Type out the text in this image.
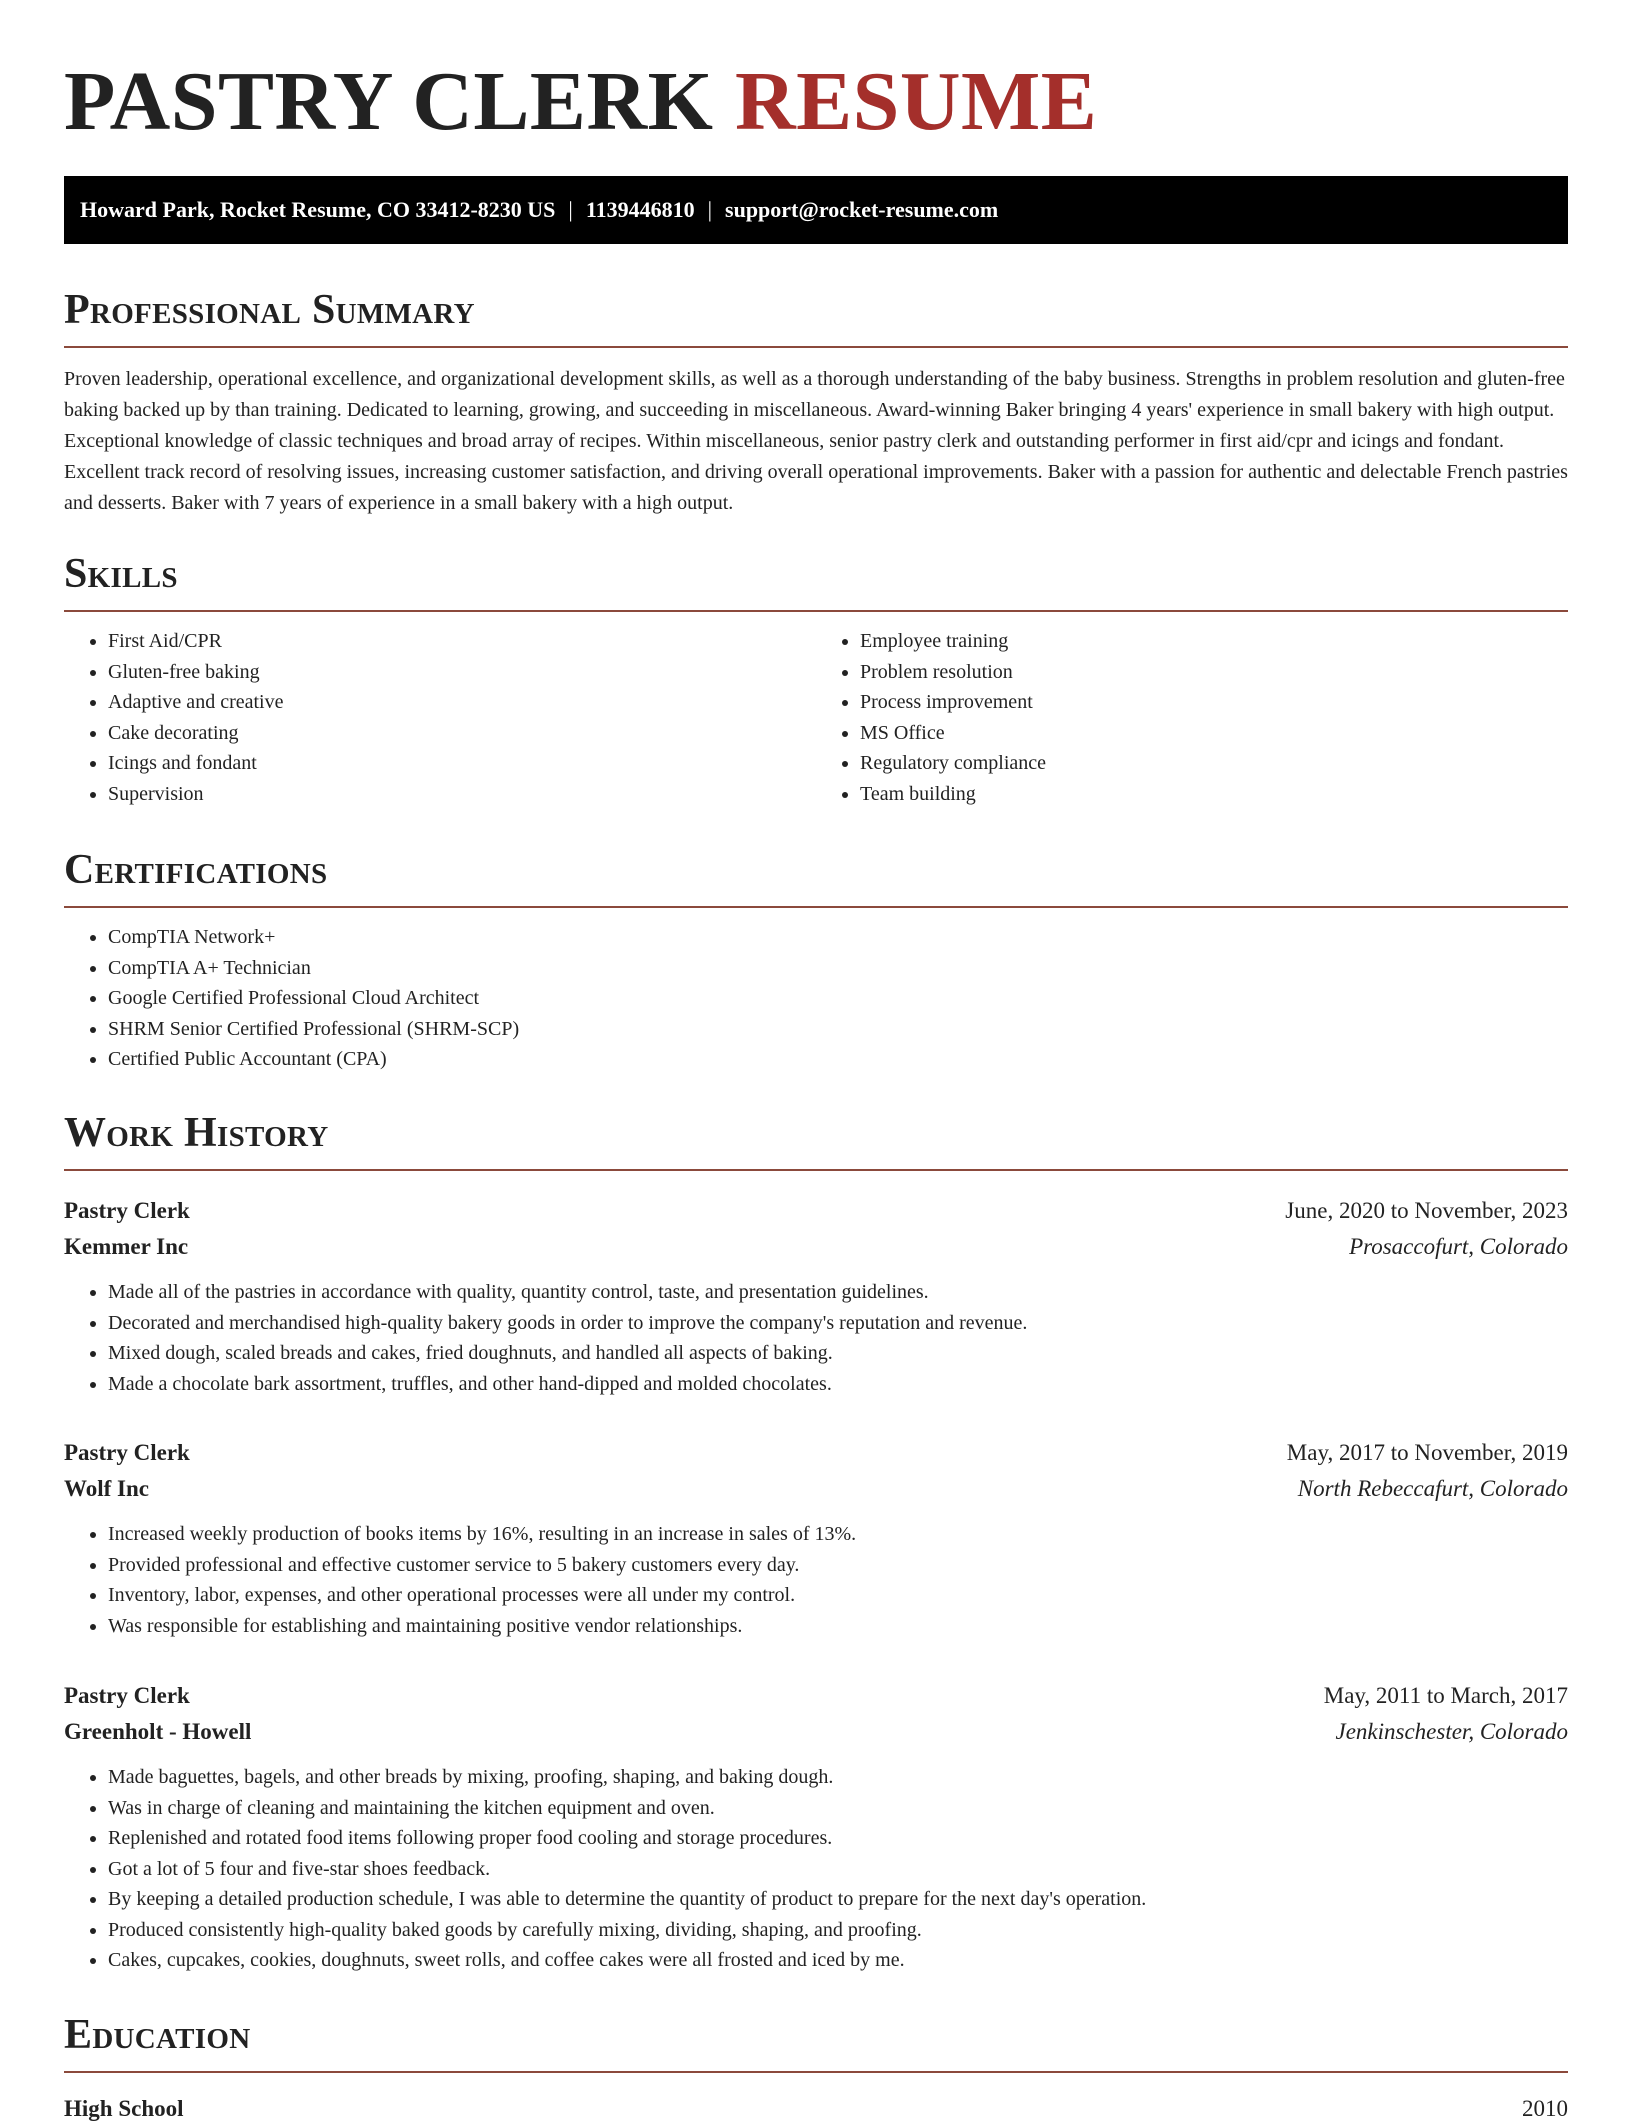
PASTRY CLERK RESUME
Howard Park, Rocket Resume, CO 33412-8230 US | 1139446810 | support@rocket-resume.com
Professional Summary

Proven leadership, operational excellence, and organizational development skills, as well as a thorough understanding of the baby business. Strengths in problem resolution and gluten-free baking backed up by than training. Dedicated to learning, growing, and succeeding in miscellaneous. Award-winning Baker bringing 4 years' experience in small bakery with high output. Exceptional knowledge of classic techniques and broad array of recipes. Within miscellaneous, senior pastry clerk and outstanding performer in first aid/cpr and icings and fondant. Excellent track record of resolving issues, increasing customer satisfaction, and driving overall operational improvements. Baker with a passion for authentic and delectable French pastries and desserts. Baker with 7 years of experience in a small bakery with a high output.

Skills
• First Aid/CPR
• Gluten-free baking
• Adaptive and creative
• Cake decorating
• Icings and fondant
• Supervision
• Employee training
• Problem resolution
• Process improvement
• MS Office
• Regulatory compliance
• Team building
Certifications
• CompTIA Network+
• CompTIA A+ Technician
• Google Certified Professional Cloud Architect
• SHRM Senior Certified Professional (SHRM-SCP)
• Certified Public Accountant (CPA)
Work History
Pastry Clerk	June, 2020 to November, 2023
Kemmer Inc	Prosaccofurt, Colorado
• Made all of the pastries in accordance with quality, quantity control, taste, and presentation guidelines.
• Decorated and merchandised high-quality bakery goods in order to improve the company's reputation and revenue.
• Mixed dough, scaled breads and cakes, fried doughnuts, and handled all aspects of baking.
• Made a chocolate bark assortment, truffles, and other hand-dipped and molded chocolates.
Pastry Clerk	May, 2017 to November, 2019
Wolf Inc	North Rebeccafurt, Colorado
• Increased weekly production of books items by 16%, resulting in an increase in sales of 13%.
• Provided professional and effective customer service to 5 bakery customers every day.
• Inventory, labor, expenses, and other operational processes were all under my control.
• Was responsible for establishing and maintaining positive vendor relationships.
Pastry Clerk	May, 2011 to March, 2017
Greenholt - Howell	Jenkinschester, Colorado
• Made baguettes, bagels, and other breads by mixing, proofing, shaping, and baking dough.
• Was in charge of cleaning and maintaining the kitchen equipment and oven.
• Replenished and rotated food items following proper food cooling and storage procedures.
• Got a lot of 5 four and five-star shoes feedback.
• By keeping a detailed production schedule, I was able to determine the quantity of product to prepare for the next day's operation.
• Produced consistently high-quality baked goods by carefully mixing, dividing, shaping, and proofing.
• Cakes, cupcakes, cookies, doughnuts, sweet rolls, and coffee cakes were all frosted and iced by me.
Education
High School	2010
